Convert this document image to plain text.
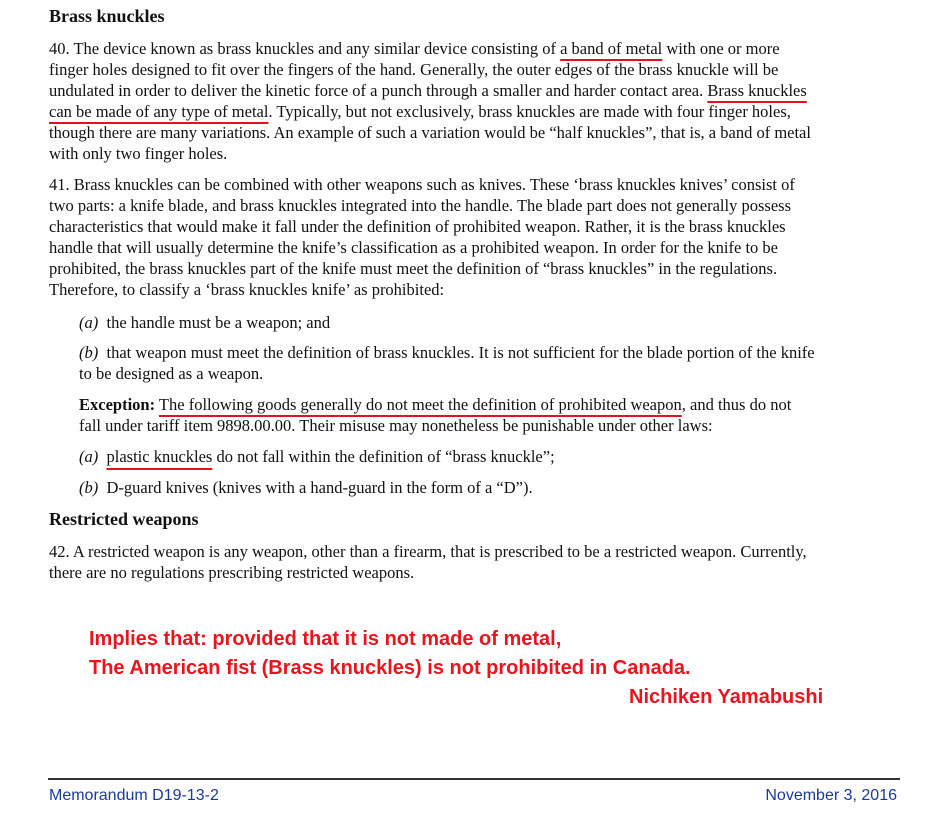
Brass knuckles
40. The device known as brass knuckles and any similar device consisting of a band of metal with one or more
finger holes designed to fit over the fingers of the hand. Generally, the outer edges of the brass knuckle will be
undulated in order to deliver the kinetic force of a punch through a smaller and harder contact area. Brass knuckles
can be made of any type of metal. Typically, but not exclusively, brass knuckles are made with four finger holes,
though there are many variations. An example of such a variation would be “half knuckles”, that is, a band of metal
with only two finger holes.
41. Brass knuckles can be combined with other weapons such as knives. These ‘brass knuckles knives’ consist of
two parts: a knife blade, and brass knuckles integrated into the handle. The blade part does not generally possess
characteristics that would make it fall under the definition of prohibited weapon. Rather, it is the brass knuckles
handle that will usually determine the knife’s classification as a prohibited weapon. In order for the knife to be
prohibited, the brass knuckles part of the knife must meet the definition of “brass knuckles” in the regulations.
Therefore, to classify a ‘brass knuckles knife’ as prohibited:
(a) the handle must be a weapon; and
(b) that weapon must meet the definition of brass knuckles. It is not sufficient for the blade portion of the knife
to be designed as a weapon.
Exception: The following goods generally do not meet the definition of prohibited weapon, and thus do not
fall under tariff item 9898.00.00. Their misuse may nonetheless be punishable under other laws:
(a) plastic knuckles do not fall within the definition of “brass knuckle”;
(b) D-guard knives (knives with a hand-guard in the form of a “D”).
Restricted weapons
42. A restricted weapon is any weapon, other than a firearm, that is prescribed to be a restricted weapon. Currently,
there are no regulations prescribing restricted weapons.
Implies that: provided that it is not made of metal,
The American fist (Brass knuckles) is not prohibited in Canada.
Nichiken Yamabushi
Memorandum D19-13-2	November 3, 2016
